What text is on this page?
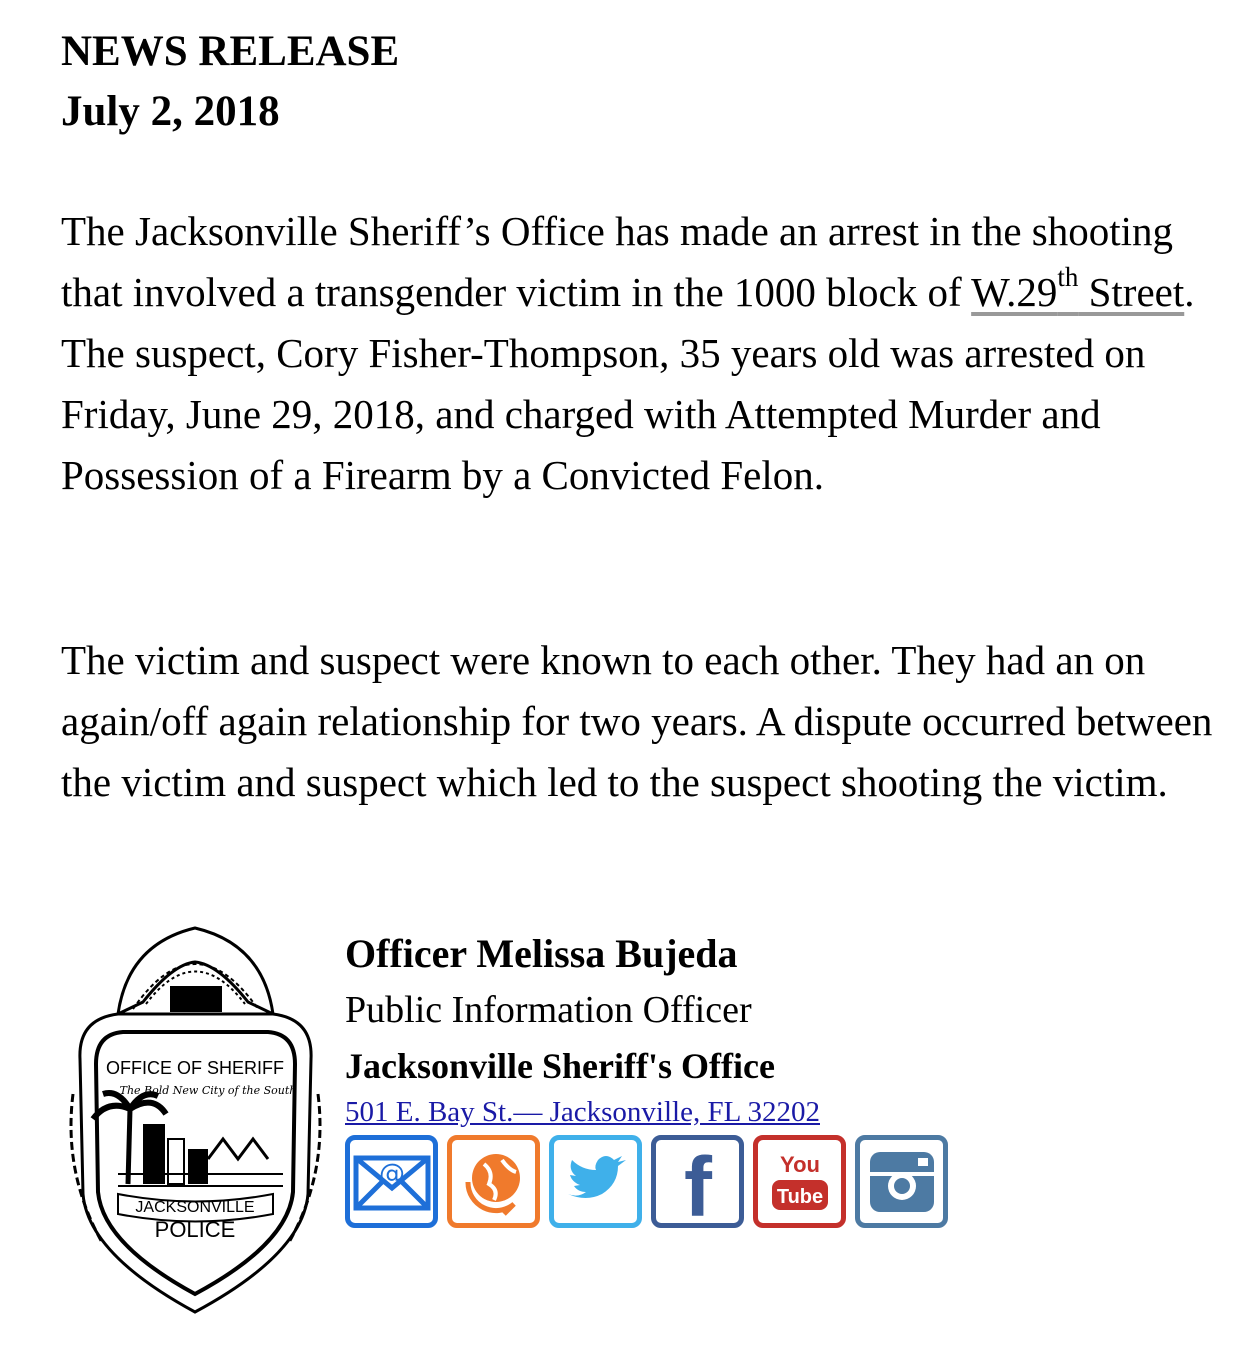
NEWS RELEASE
July 2, 2018
The Jacksonville Sheriff’s Office has made an arrest in the shooting that involved a transgender victim in the 1000 block of W.29th Street. The suspect, Cory Fisher-Thompson, 35 years old was arrested on Friday, June 29, 2018, and charged with Attempted Murder and Possession of a Firearm by a Convicted Felon.
The victim and suspect were known to each other. They had an on again/off again relationship for two years. A dispute occurred between the victim and suspect which led to the suspect shooting the victim.
OFFICE OF SHERIFF
The Bold New City of the South
JACKSONVILLE
POLICE
Officer Melissa Bujeda
Public Information Officer
Jacksonville Sheriff's Office
501 E. Bay St.— Jacksonville, FL 32202
@	f	You
Tube
